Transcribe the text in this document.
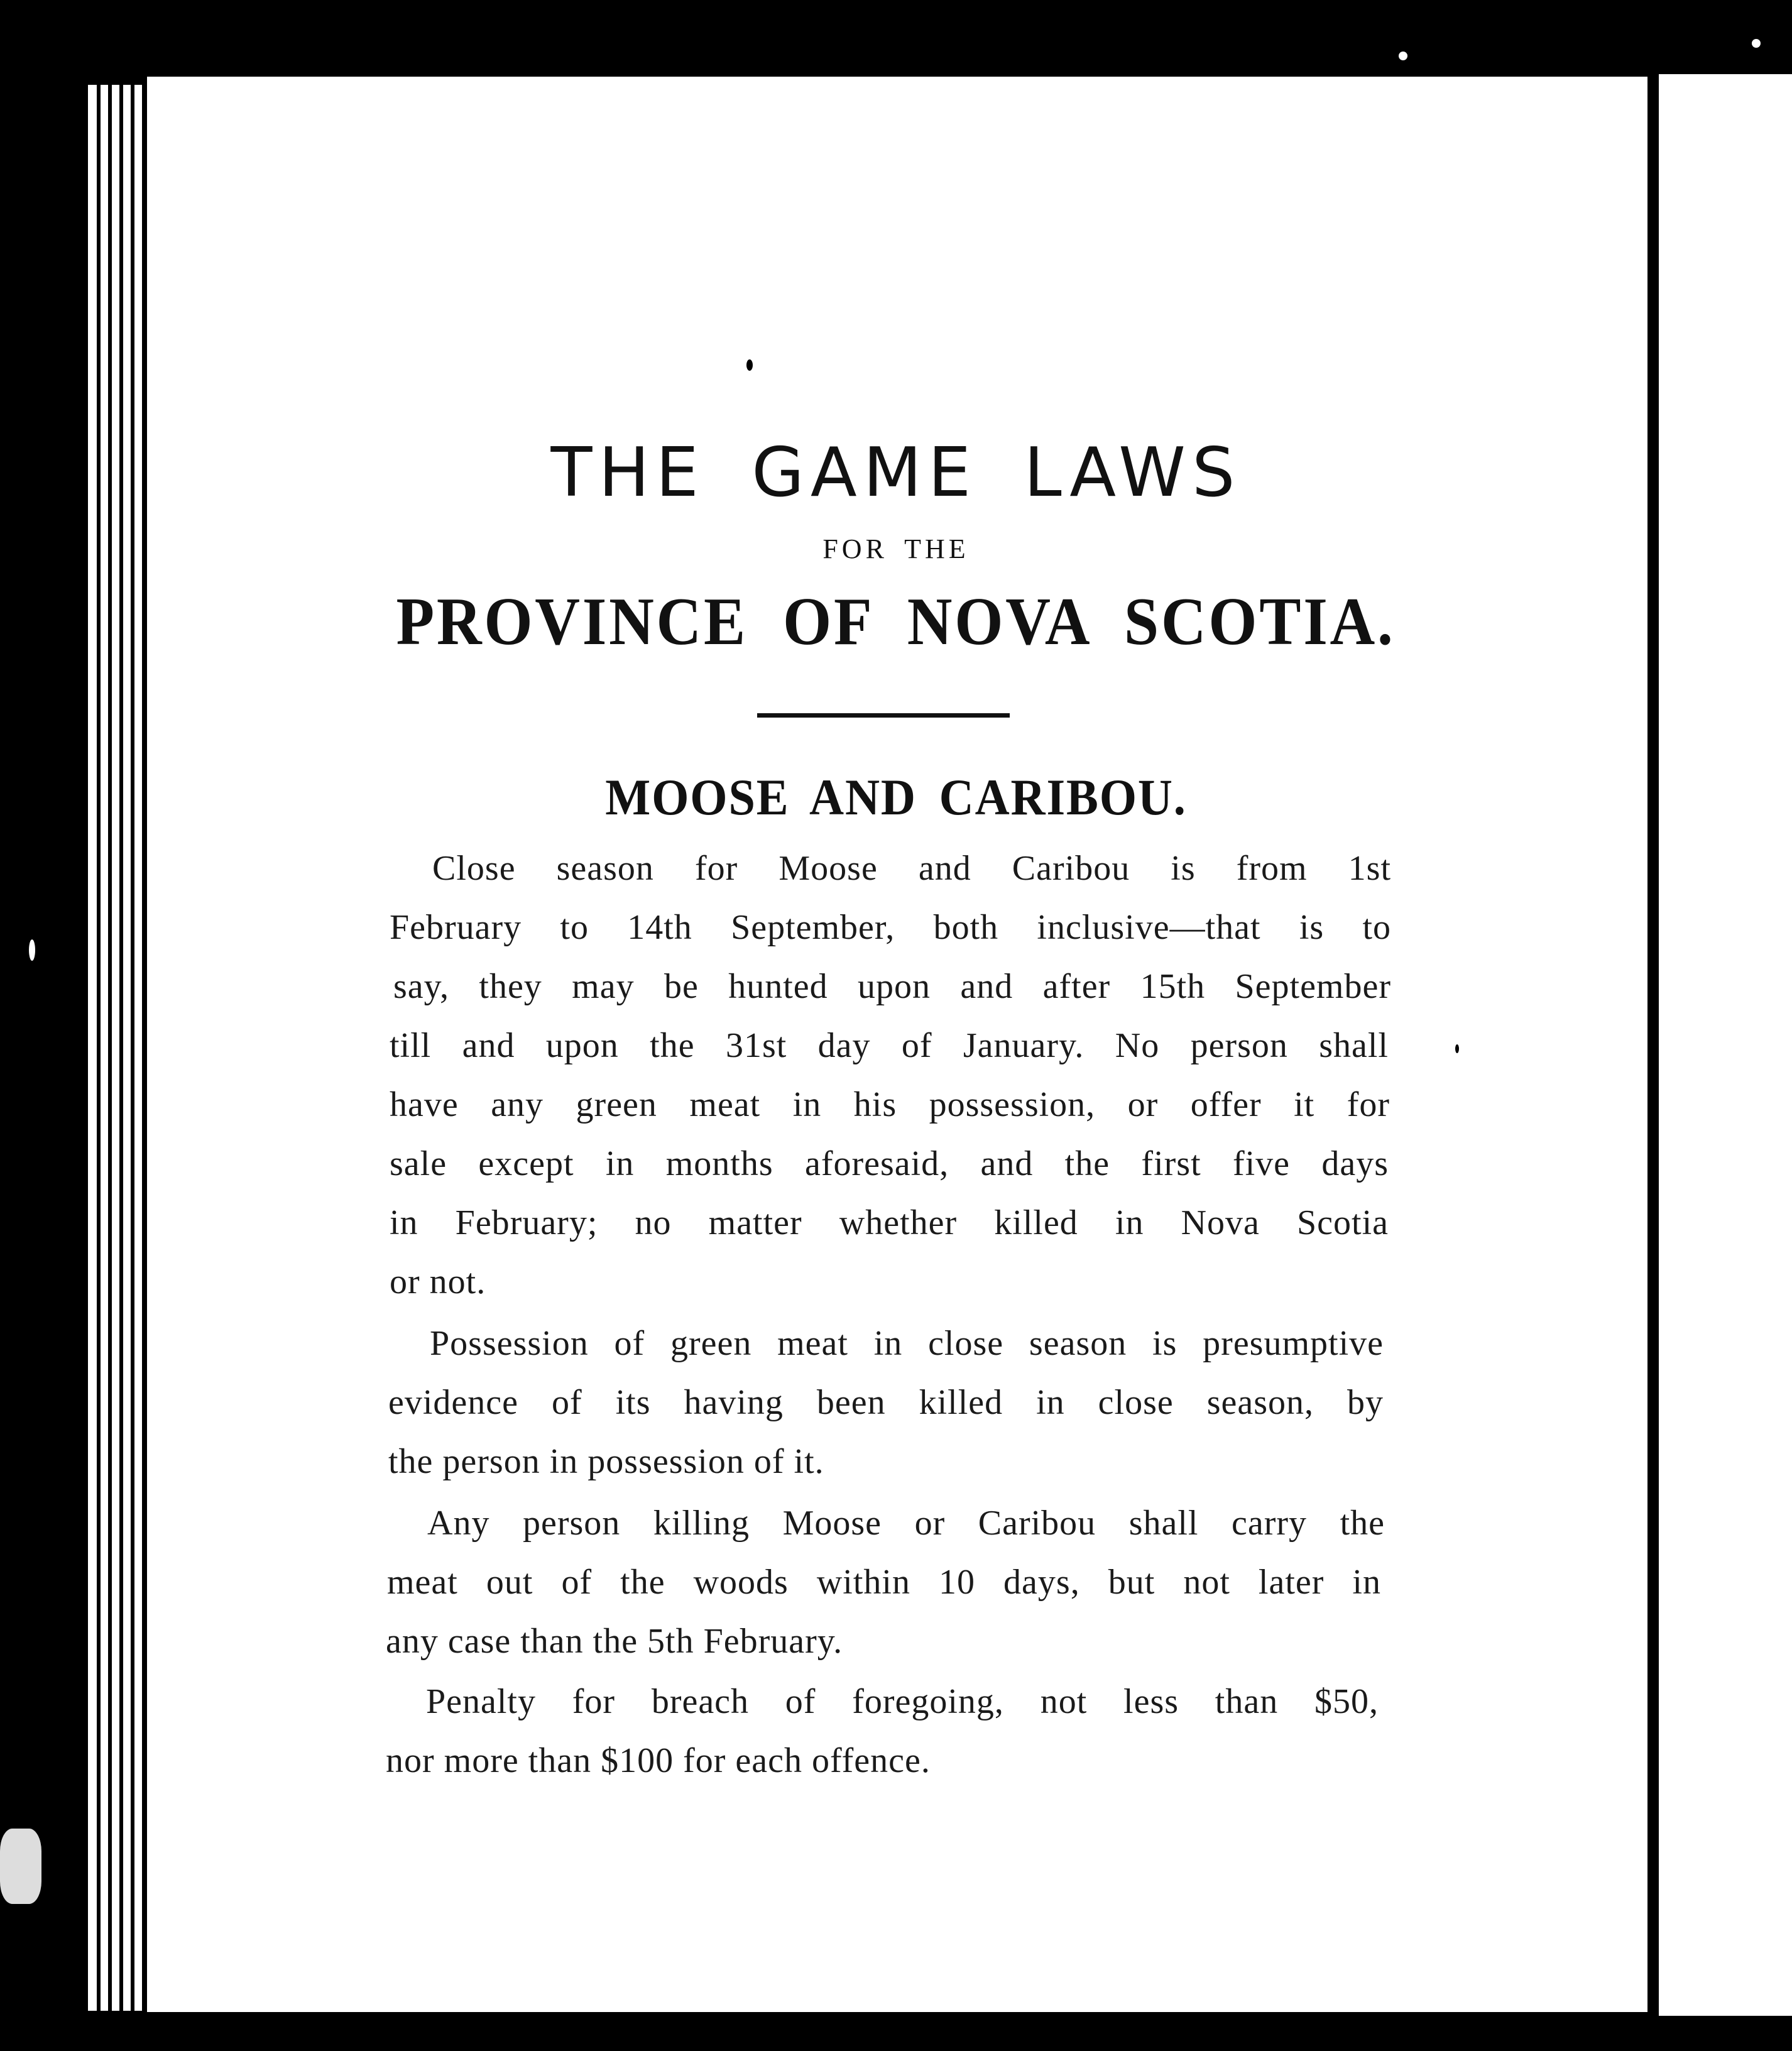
THE GAME LAWS
FOR THE
PROVINCE OF NOVA SCOTIA.
MOOSE AND CARIBOU.
Close season for Moose and Caribou is from 1st
February to 14th September, both inclusive—that is to
say, they may be hunted upon and after 15th September
till and upon the 31st day of January. No person shall
have any green meat in his possession, or offer it for
sale except in months aforesaid, and the first five days
in February; no matter whether killed in Nova Scotia
or not.
Possession of green meat in close season is presumptive
evidence of its having been killed in close season, by
the person in possession of it.
Any person killing Moose or Caribou shall carry the
meat out of the woods within 10 days, but not later in
any case than the 5th February.
Penalty for breach of foregoing, not less than $50,
nor more than $100 for each offence.
